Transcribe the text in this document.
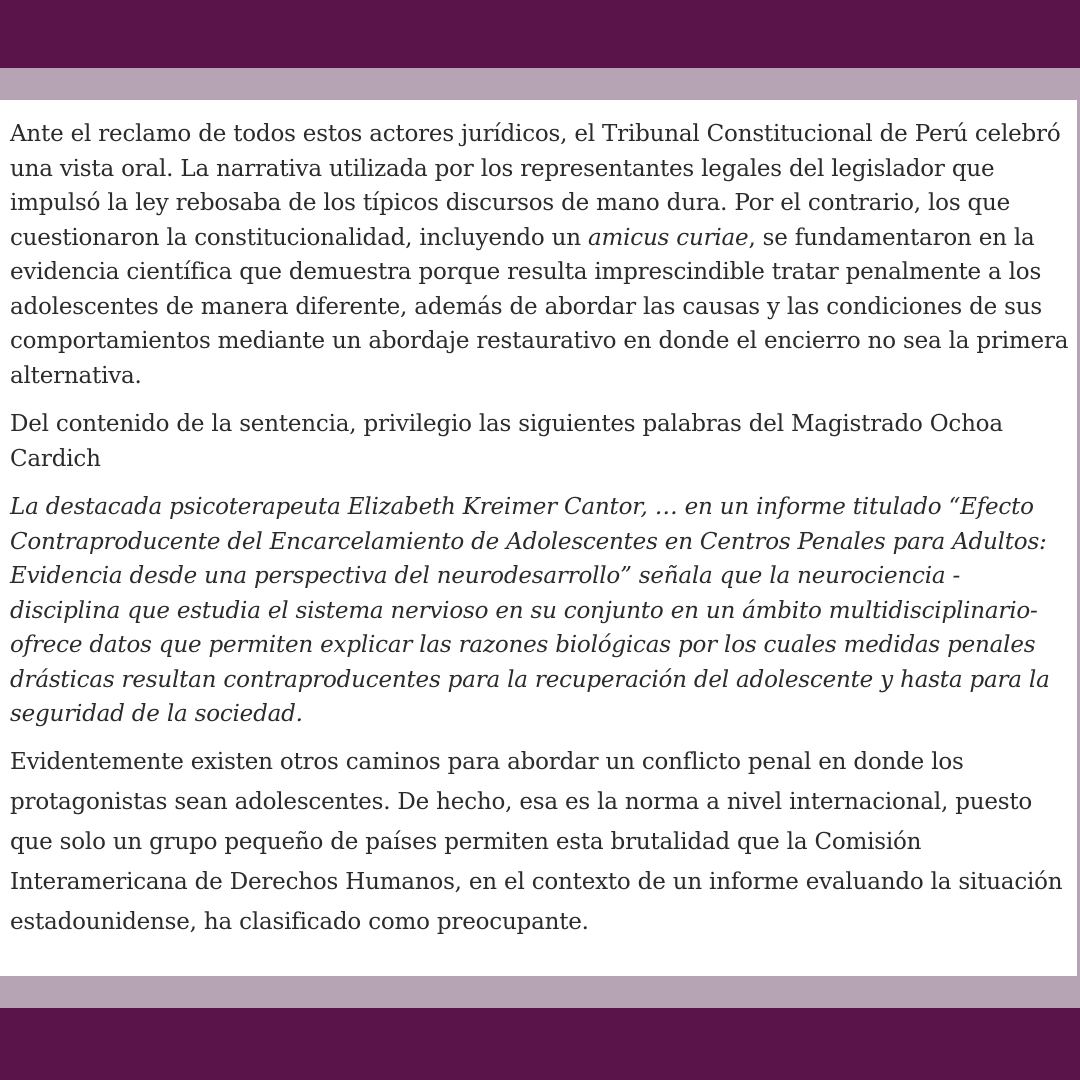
Ante el reclamo de todos estos actores jurídicos, el Tribunal Constitucional de Perú celebró una vista oral. La narrativa utilizada por los representantes legales del legislador que impulsó la ley rebosaba de los típicos discursos de mano dura. Por el contrario, los que cuestionaron la constitucionalidad, incluyendo un amicus curiae, se fundamentaron en la evidencia científica que demuestra porque resulta imprescindible tratar penalmente a los adolescentes de manera diferente, además de abordar las causas y las condiciones de sus comportamientos mediante un abordaje restaurativo en donde el encierro no sea la primera alternativa.

Del contenido de la sentencia, privilegio las siguientes palabras del Magistrado Ochoa Cardich

La destacada psicoterapeuta Elizabeth Kreimer Cantor, … en un informe titulado “Efecto Contraproducente del Encarcelamiento de Adolescentes en Centros Penales para Adultos: Evidencia desde una perspectiva del neurodesarrollo” señala que la neurociencia -disciplina que estudia el sistema nervioso en su conjunto en un ámbito multidisciplinario- ofrece datos que permiten explicar las razones biológicas por los cuales medidas penales drásticas resultan contraproducentes para la recuperación del adolescente y hasta para la seguridad de la sociedad.

Evidentemente existen otros caminos para abordar un conflicto penal en donde los protagonistas sean adolescentes. De hecho, esa es la norma a nivel internacional, puesto que solo un grupo pequeño de países permiten esta brutalidad que la Comisión Interamericana de Derechos Humanos, en el contexto de un informe evaluando la situación estadounidense, ha clasificado como preocupante.
